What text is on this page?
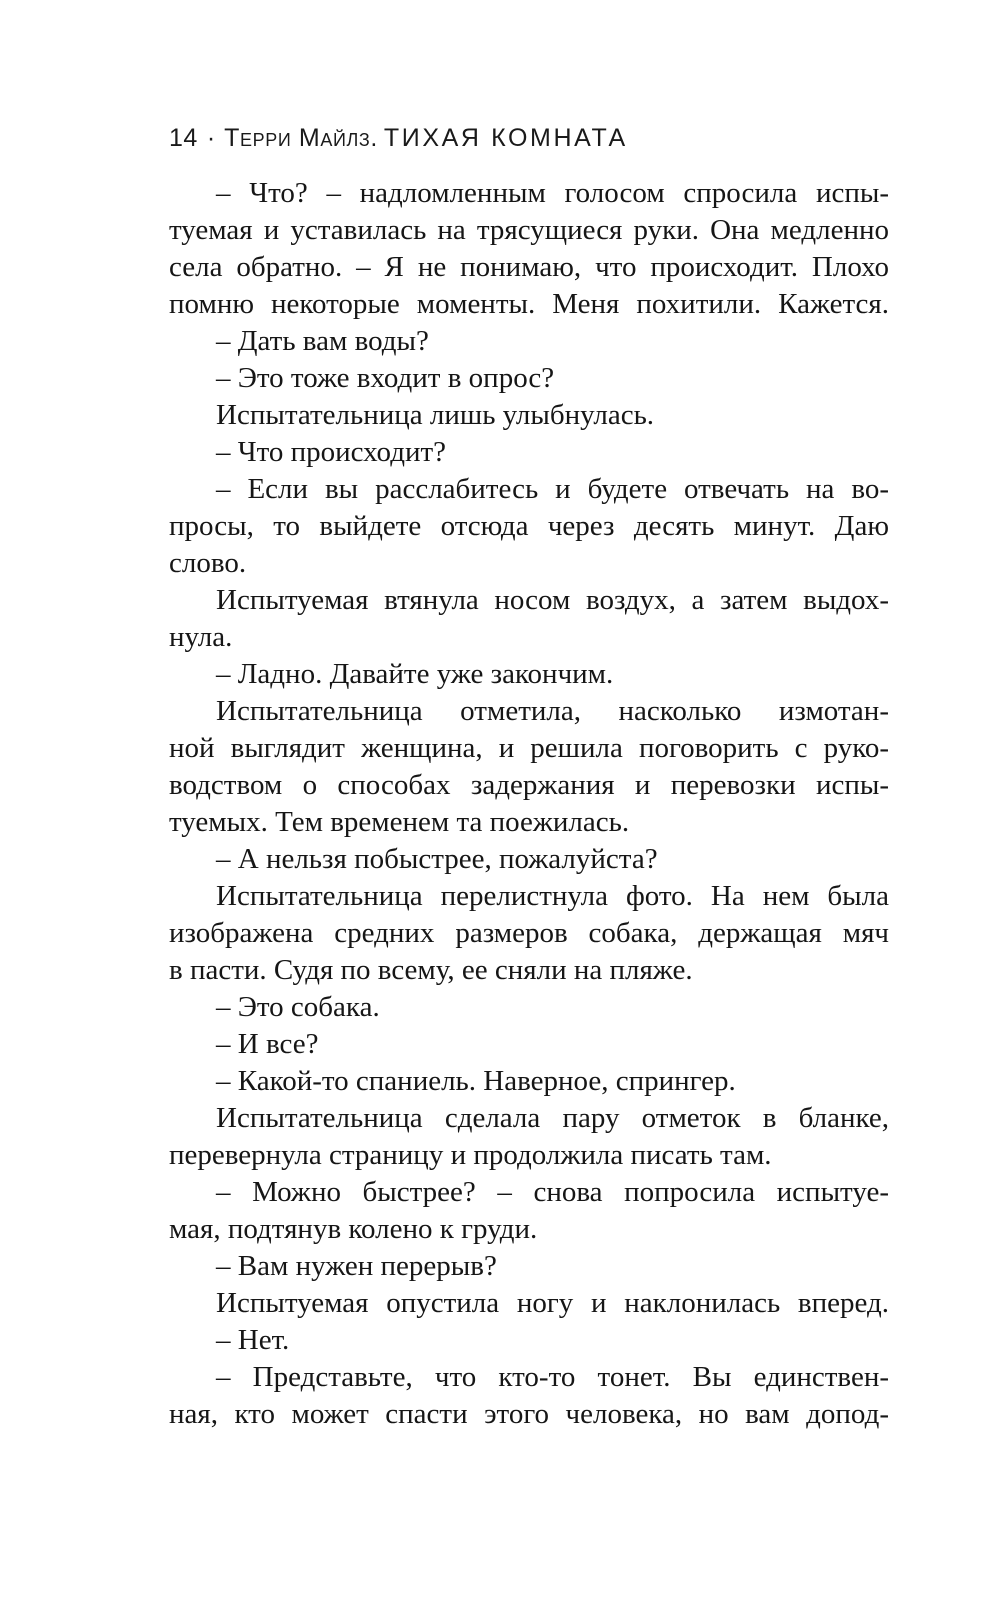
14 · Терри Майлз. ТИХАЯ КОМНАТА
– Что? – надломленным голосом спросила испы-
туемая и уставилась на трясущиеся руки. Она медленно
села обратно. – Я не понимаю, что происходит. Плохо
помню некоторые моменты. Меня похитили. Кажется.
– Дать вам воды?
– Это тоже входит в опрос?
Испытательница лишь улыбнулась.
– Что происходит?
– Если вы расслабитесь и будете отвечать на во-
просы, то выйдете отсюда через десять минут. Даю
слово.
Испытуемая втянула носом воздух, а затем выдох-
нула.
– Ладно. Давайте уже закончим.
Испытательница отметила, насколько измотан-
ной выглядит женщина, и решила поговорить с руко-
водством о способах задержания и перевозки испы-
туемых. Тем временем та поежилась.
– А нельзя побыстрее, пожалуйста?
Испытательница перелистнула фото. На нем была
изображена средних размеров собака, держащая мяч
в пасти. Судя по всему, ее сняли на пляже.
– Это собака.
– И все?
– Какой-то спаниель. Наверное, спрингер.
Испытательница сделала пару отметок в бланке,
перевернула страницу и продолжила писать там.
– Можно быстрее? – снова попросила испытуе-
мая, подтянув колено к груди.
– Вам нужен перерыв?
Испытуемая опустила ногу и наклонилась вперед.
– Нет.
– Представьте, что кто-то тонет. Вы единствен-
ная, кто может спасти этого человека, но вам допод-
